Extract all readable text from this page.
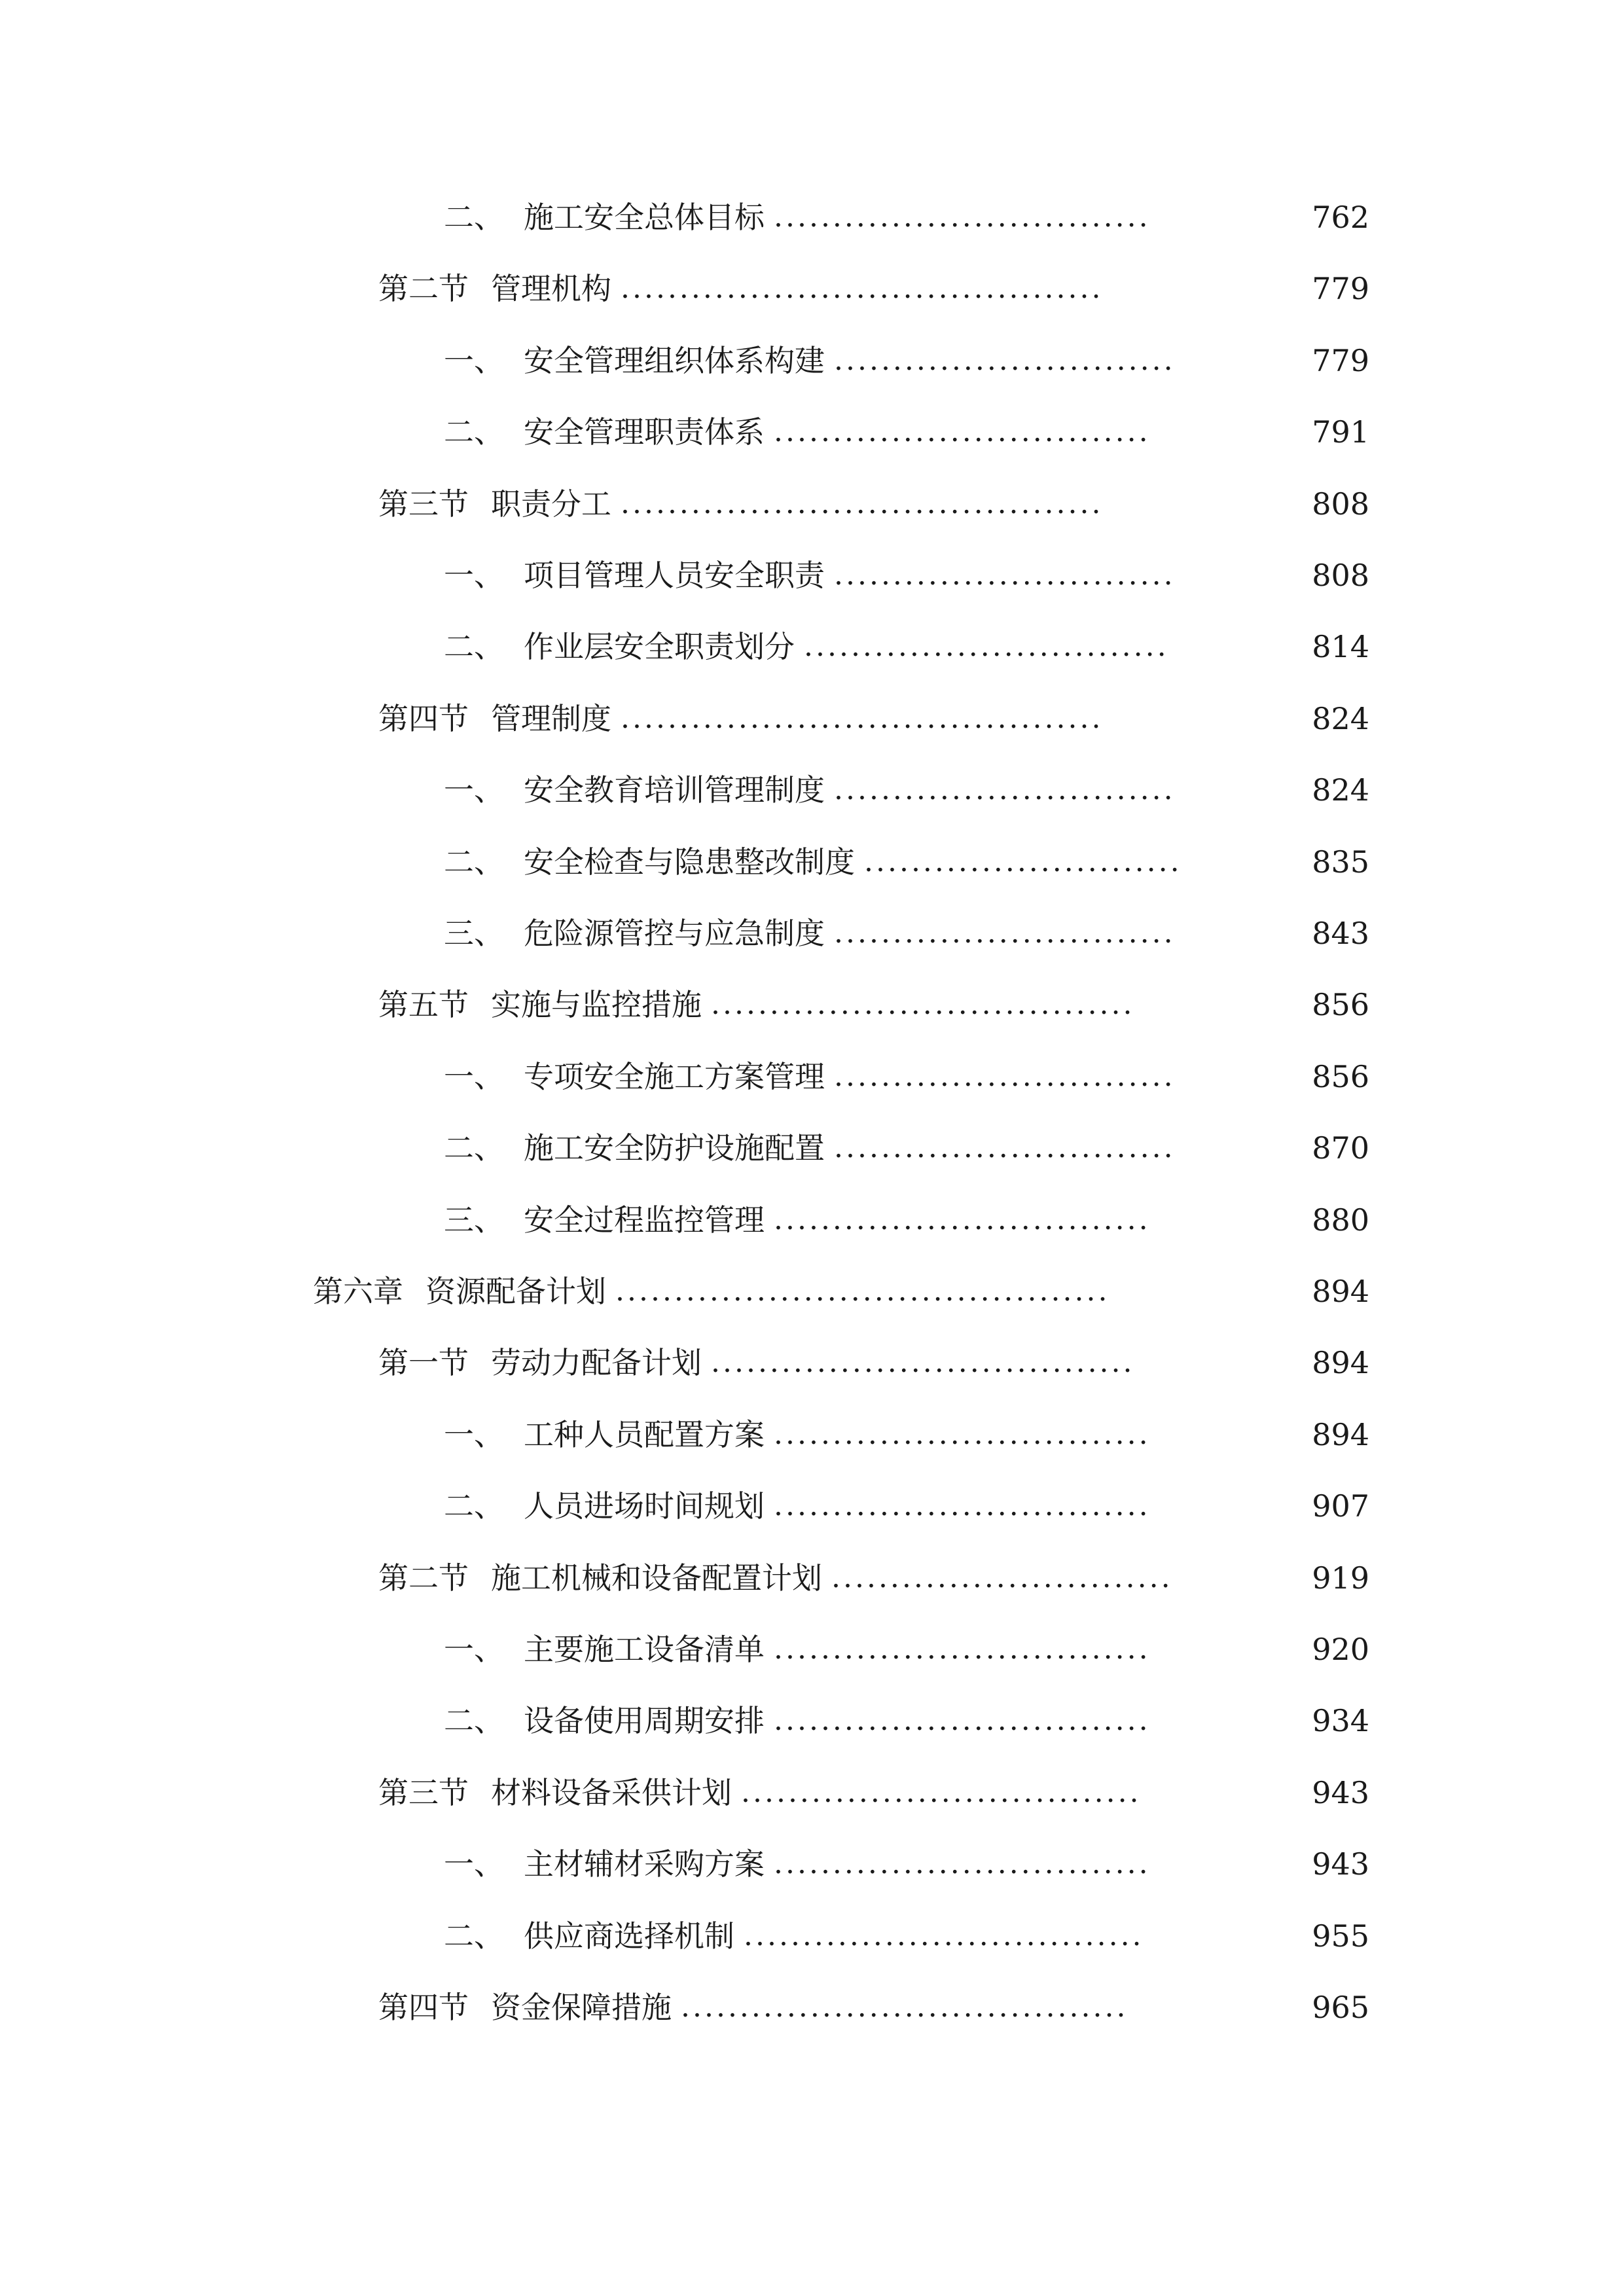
二、 施工安全总体目标 ................................	762
第二节 管理机构 .........................................	779
一、 安全管理组织体系构建 .............................	779
二、 安全管理职责体系 ................................	791
第三节 职责分工 .........................................	808
一、 项目管理人员安全职责 .............................	808
二、 作业层安全职责划分 ...............................	814
第四节 管理制度 .........................................	824
一、 安全教育培训管理制度 .............................	824
二、 安全检查与隐患整改制度 ...........................	835
三、 危险源管控与应急制度 .............................	843
第五节 实施与监控措施 ....................................	856
一、 专项安全施工方案管理 .............................	856
二、 施工安全防护设施配置 .............................	870
三、 安全过程监控管理 ................................	880
第六章 资源配备计划 ..........................................	894
第一节 劳动力配备计划 ....................................	894
一、 工种人员配置方案 ................................	894
二、 人员进场时间规划 ................................	907
第二节 施工机械和设备配置计划 .............................	919
一、 主要施工设备清单 ................................	920
二、 设备使用周期安排 ................................	934
第三节 材料设备采供计划 ..................................	943
一、 主材辅材采购方案 ................................	943
二、 供应商选择机制 ..................................	955
第四节 资金保障措施 ......................................	965
